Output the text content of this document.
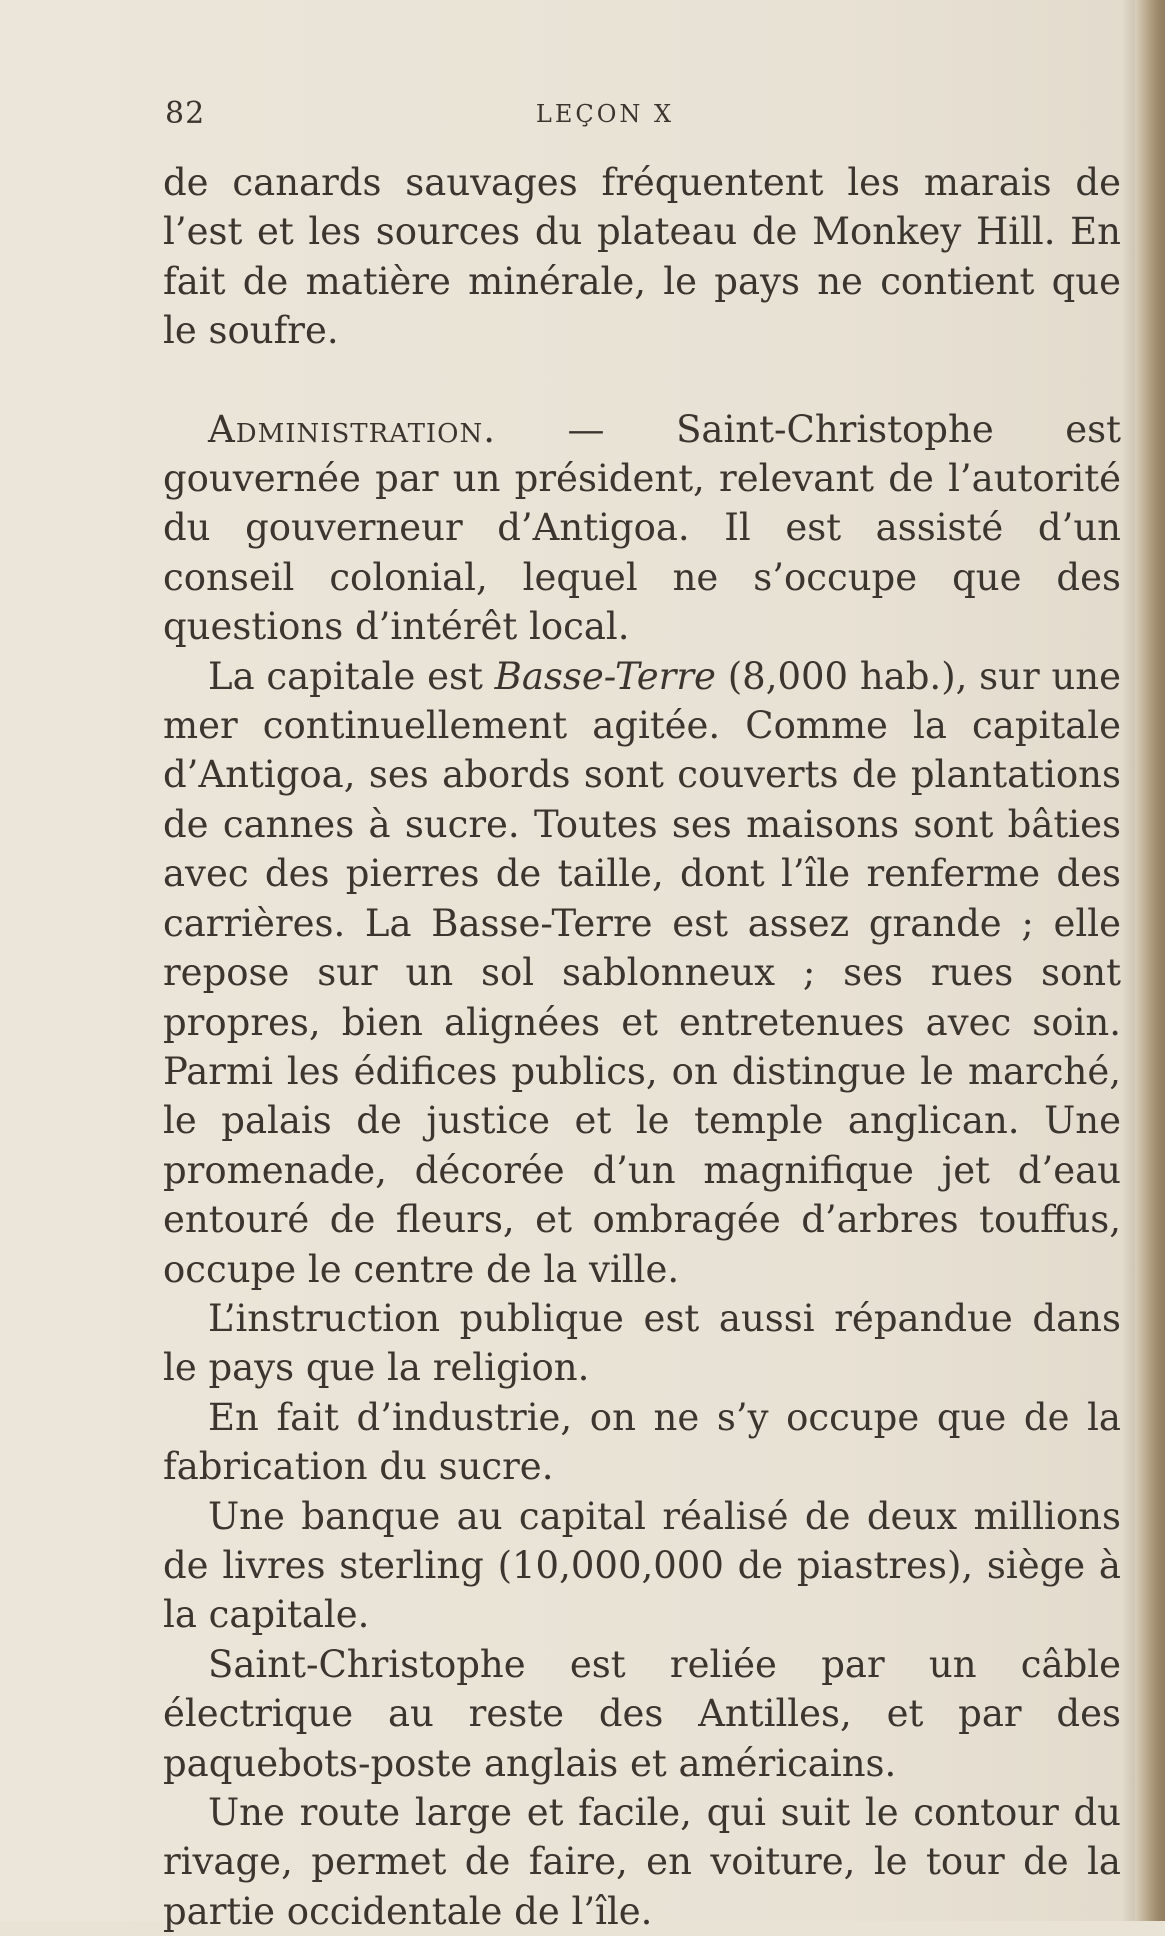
82	LEÇON X

de canards sauvages fréquentent les marais de l’est et les sources du plateau de Monkey Hill. En fait de matière minérale, le pays ne contient que le soufre.

Administration. — Saint-Christophe est gouvernée par un président, relevant de l’autorité du gouverneur d’Antigoa. Il est assisté d’un conseil colonial, lequel ne s’occupe que des questions d’intérêt local.

La capitale est Basse-Terre (8,000 hab.), sur une mer continuellement agitée. Comme la capitale d’Antigoa, ses abords sont couverts de plantations de cannes à sucre. Toutes ses maisons sont bâties avec des pierres de taille, dont l’île renferme des carrières. La Basse-Terre est assez grande ; elle repose sur un sol sablonneux ; ses rues sont propres, bien alignées et entretenues avec soin. Parmi les édifices publics, on distingue le marché, le palais de justice et le temple anglican. Une promenade, décorée d’un magnifique jet d’eau entouré de fleurs, et ombragée d’arbres touffus, occupe le centre de la ville.

L’instruction publique est aussi répandue dans le pays que la religion.

En fait d’industrie, on ne s’y occupe que de la fabrication du sucre.

Une banque au capital réalisé de deux millions de livres sterling (10,000,000 de piastres), siège à la capitale.

Saint-Christophe est reliée par un câble électrique au reste des Antilles, et par des paquebots-poste anglais et américains.

Une route large et facile, qui suit le contour du rivage, permet de faire, en voiture, le tour de la partie occidentale de l’île.
